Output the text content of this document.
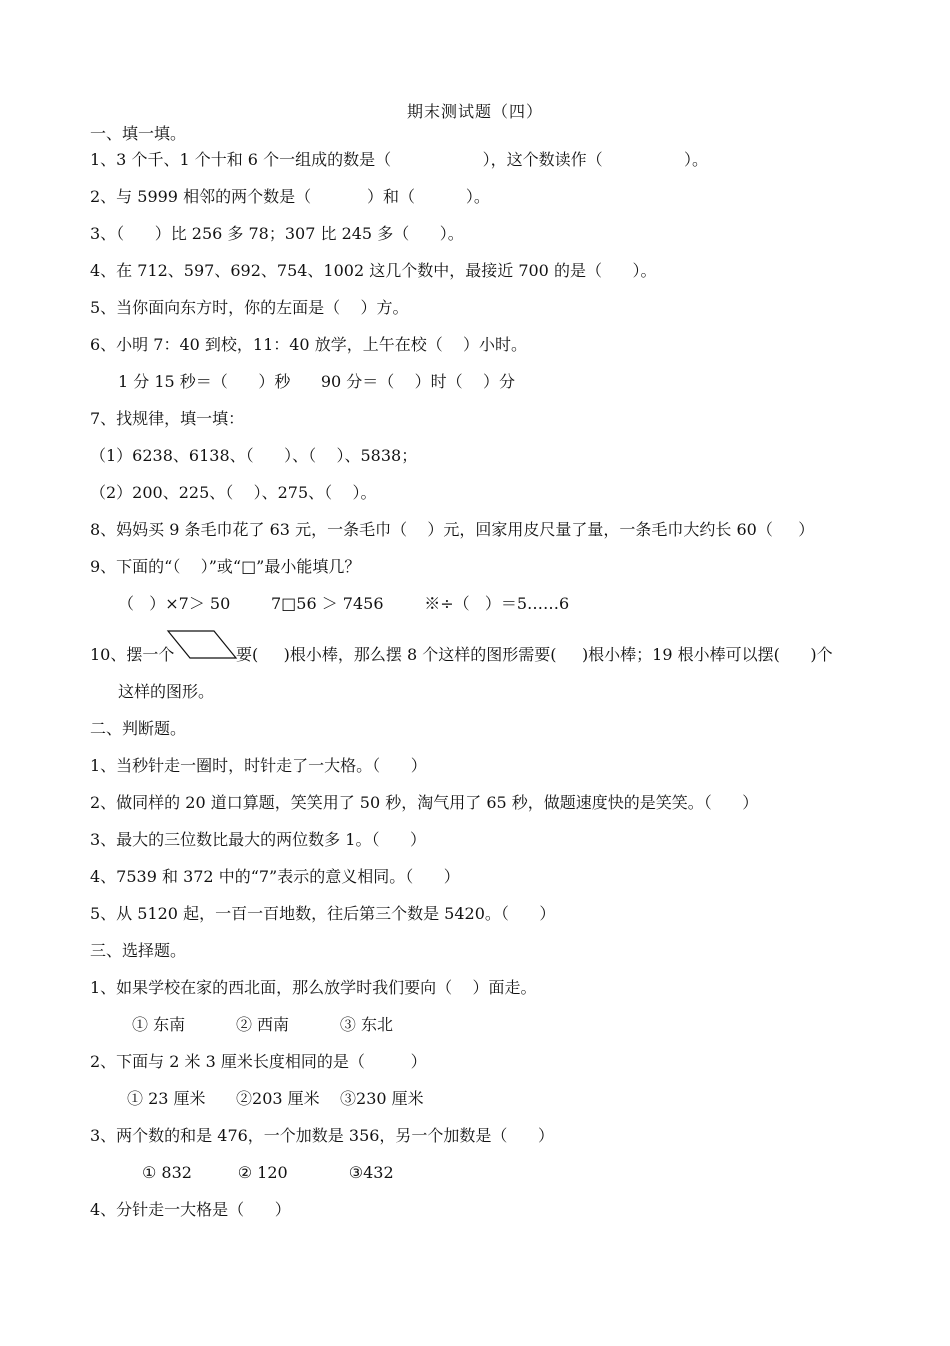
期末测试题（四）
一、填一填。
1、3 个千、1 个十和 6 个一组成的数是（                  ），这个数读作（                ）。
2、与 5999 相邻的两个数是（           ）和（          ）。
3、（      ）比 256 多 78；307 比 245 多（      ）。
4、在 712、597、692、754、1002 这几个数中，最接近 700 的是（      ）。
5、当你面向东方时，你的左面是（    ）方。
6、小明 7：40 到校，11：40 放学，上午在校（    ）小时。
1 分 15 秒＝（      ）秒      90 分＝（    ）时（    ）分
7、找规律，填一填：
（1）6238、6138、（      ）、（    ）、5838；
（2）200、225、（    ）、275、（    ）。
8、妈妈买 9 条毛巾花了 63 元，一条毛巾（    ）元，回家用皮尺量了量，一条毛巾大约长 60（     ）
9、下面的“（    ）”或“□”最小能填几？
（   ）×7＞ 50        7□56 ＞ 7456        ※÷（   ）＝5……6
10、摆一个	要(     )根小棒，那么摆 8 个这样的图形需要(     )根小棒；19 根小棒可以摆(      )个
这样的图形。
二、判断题。
1、当秒针走一圈时，时针走了一大格。（      ）
2、做同样的 20 道口算题，笑笑用了 50 秒，淘气用了 65 秒，做题速度快的是笑笑。（      ）
3、最大的三位数比最大的两位数多 1。（      ）
4、7539 和 372 中的“7”表示的意义相同。（      ）
5、从 5120 起，一百一百地数，往后第三个数是 5420。（      ）
三、选择题。
1、如果学校在家的西北面，那么放学时我们要向（    ）面走。
① 东南          ② 西南          ③ 东北
2、下面与 2 米 3 厘米长度相同的是（         ）
① 23 厘米      ②203 厘米    ③230 厘米
3、两个数的和是 476，一个加数是 356，另一个加数是（      ）
① 832         ② 120            ③432
4、分针走一大格是（      ）
